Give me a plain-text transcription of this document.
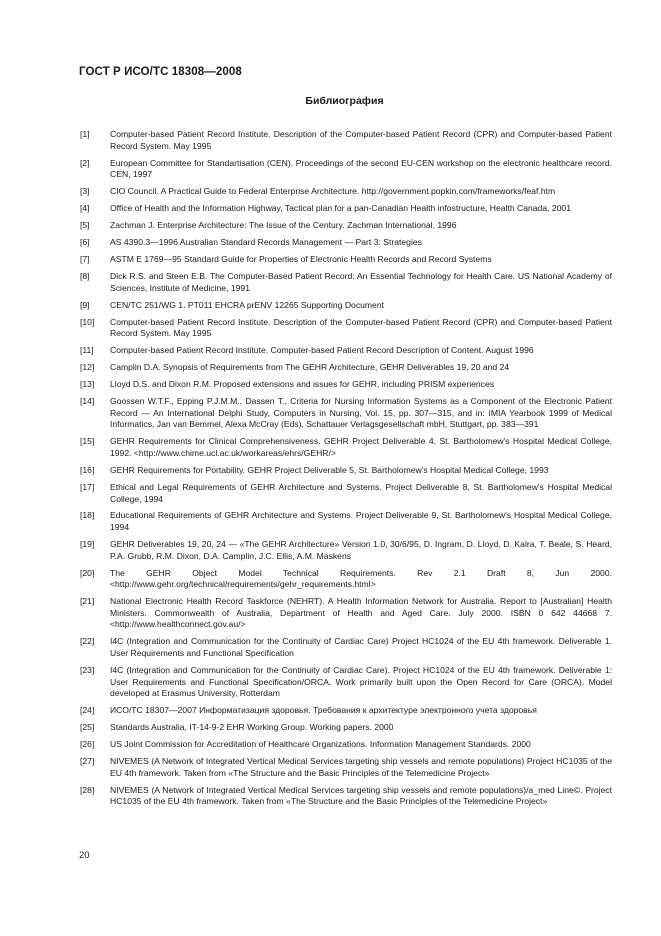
ГОСТ Р ИСО/ТС 18308—2008
Библиография
[1]	Computer-based Patient Record Institute. Description of the Computer-based Patient Record (CPR) and Computer-based Patient Record System. May 1995
[2]	European Committee for Standartisation (CEN). Proceedings of the second EU-CEN workshop on the electronic healthcare record. CEN, 1997
[3]	CIO Council. A Practical Guide to Federal Enterprise Architecture. http://government.popkin.com/frameworks/feaf.htm
[4]	Office of Health and the Information Highway, Tactical plan for a pan-Canadian Health infostructure, Health Canada, 2001
[5]	Zachman J. Enterprise Architecture: The Issue of the Century. Zachman International, 1996
[6]	AS 4390.3—1996 Australian Standard Records Management — Part 3: Strategies
[7]	ASTM E 1769—95 Standard Guide for Properties of Electronic Health Records and Record Systems
[8]	Dick R.S. and Steen E.B. The Computer-Based Patient Record: An Essential Technology for Health Care. US National Academy of Sciences, Institute of Medicine, 1991
[9]	CEN/TC 251/WG 1. PT011 EHCRA prENV 12265 Supporting Document
[10]	Computer-based Patient Record Institute. Description of the Computer-based Patient Record (CPR) and Computer-based Patient Record System. May 1995
[11]	Computer-based Patient Record Institute. Computer-based Patient Record Description of Content. August 1996
[12]	Camplin D.A. Synopsis of Requirements from The GEHR Architecture, GEHR Deliverables 19, 20 and 24
[13]	Lloyd D.S. and Dixon R.M. Proposed extensions and issues for GEHR, including PRISM experiences
[14]	Goossen W.T.F., Epping P.J.M.M., Dassen T., Criteria for Nursing Information Systems as a Component of the Electronic Patient Record — An International Delphi Study, Computers in Nursing, Vol. 15, pp. 307—315, and in: IMIA Yearbook 1999 of Medical Informatics, Jan van Bemmel, Alexa McCray (Eds), Schattauer Verlagsgesellschaft mbH, Stuttgart, pp. 383—391
[15]	GEHR Requirements for Clinical Comprehensiveness. GEHR Project Deliverable 4, St. Bartholomew's Hospital Medical College, 1992. <http://www.chime.ucl.ac.uk/workareas/ehrs/GEHR/>
[16]	GEHR Requirements for Portability. GEHR Project Deliverable 5, St. Bartholomew's Hospital Medical College, 1993
[17]	Ethical and Legal Requirements of GEHR Architecture and Systems. Project Deliverable 8, St. Bartholomew's Hospital Medical College, 1994
[18]	Educational Requirements of GEHR Architecture and Systems. Project Deliverable 9, St. Bartholomew's Hospital Medical College, 1994
[19]	GEHR Deliverables 19, 20, 24 — «The GEHR Architecture» Version 1.0, 30/6/95, D. Ingram, D. Lloyd, D. Kalra, T. Beale, S. Heard, P.A. Grubb, R.M. Dixon, D.A. Camplin, J.C. Ellis, A.M. Maskens
[20]	The GEHR Object Model Technical Requirements. Rev 2.1 Draft 8, Jun 2000. <http://www.gehr.org/technical/requirements/gehr_requirements.html>
[21]	National Electronic Health Record Taskforce (NEHRT). A Health Information Network for Australia. Report to [Australian] Health Ministers. Commonwealth of Australia, Department of Health and Aged Care. July 2000. ISBN 0 642 44668 7. <http://www.healthconnect.gov.au/>
[22]	I4C (Integration and Communication for the Continuity of Cardiac Care) Project HC1024 of the EU 4th framework. Deliverable 1. User Requirements and Functional Specification
[23]	I4C (Integration and Communication for the Continuity of Cardiac Care). Project HC1024 of the EU 4th framework. Deliverable 1: User Requirements and Functional Specification/ORCA. Work primarily built upon the Open Record for Care (ORCA). Model developed at Erasmus University, Rotterdam
[24]	ИСО/ТС 18307—2007 Информатизация здоровья. Требования к архитектуре электронного учета здоровья
[25]	Standards Australia, IT-14-9-2 EHR Working Group. Working papers. 2000
[26]	US Joint Commission for Accreditation of Healthcare Organizations. Information Management Standards. 2000
[27]	NIVEMES (A Network of Integrated Vertical Medical Services targeting ship vessels and remote populations) Project HC1035 of the EU 4th framework. Taken from «The Structure and the Basic Principles of the Telemedicine Project»
[28]	NIVEMES (A Network of Integrated Vertical Medical Services targeting ship vessels and remote populations)/a_med Line©. Project HC1035 of the EU 4th framework. Taken from «The Structure and the Basic Principles of the Telemedicine Project»
20
